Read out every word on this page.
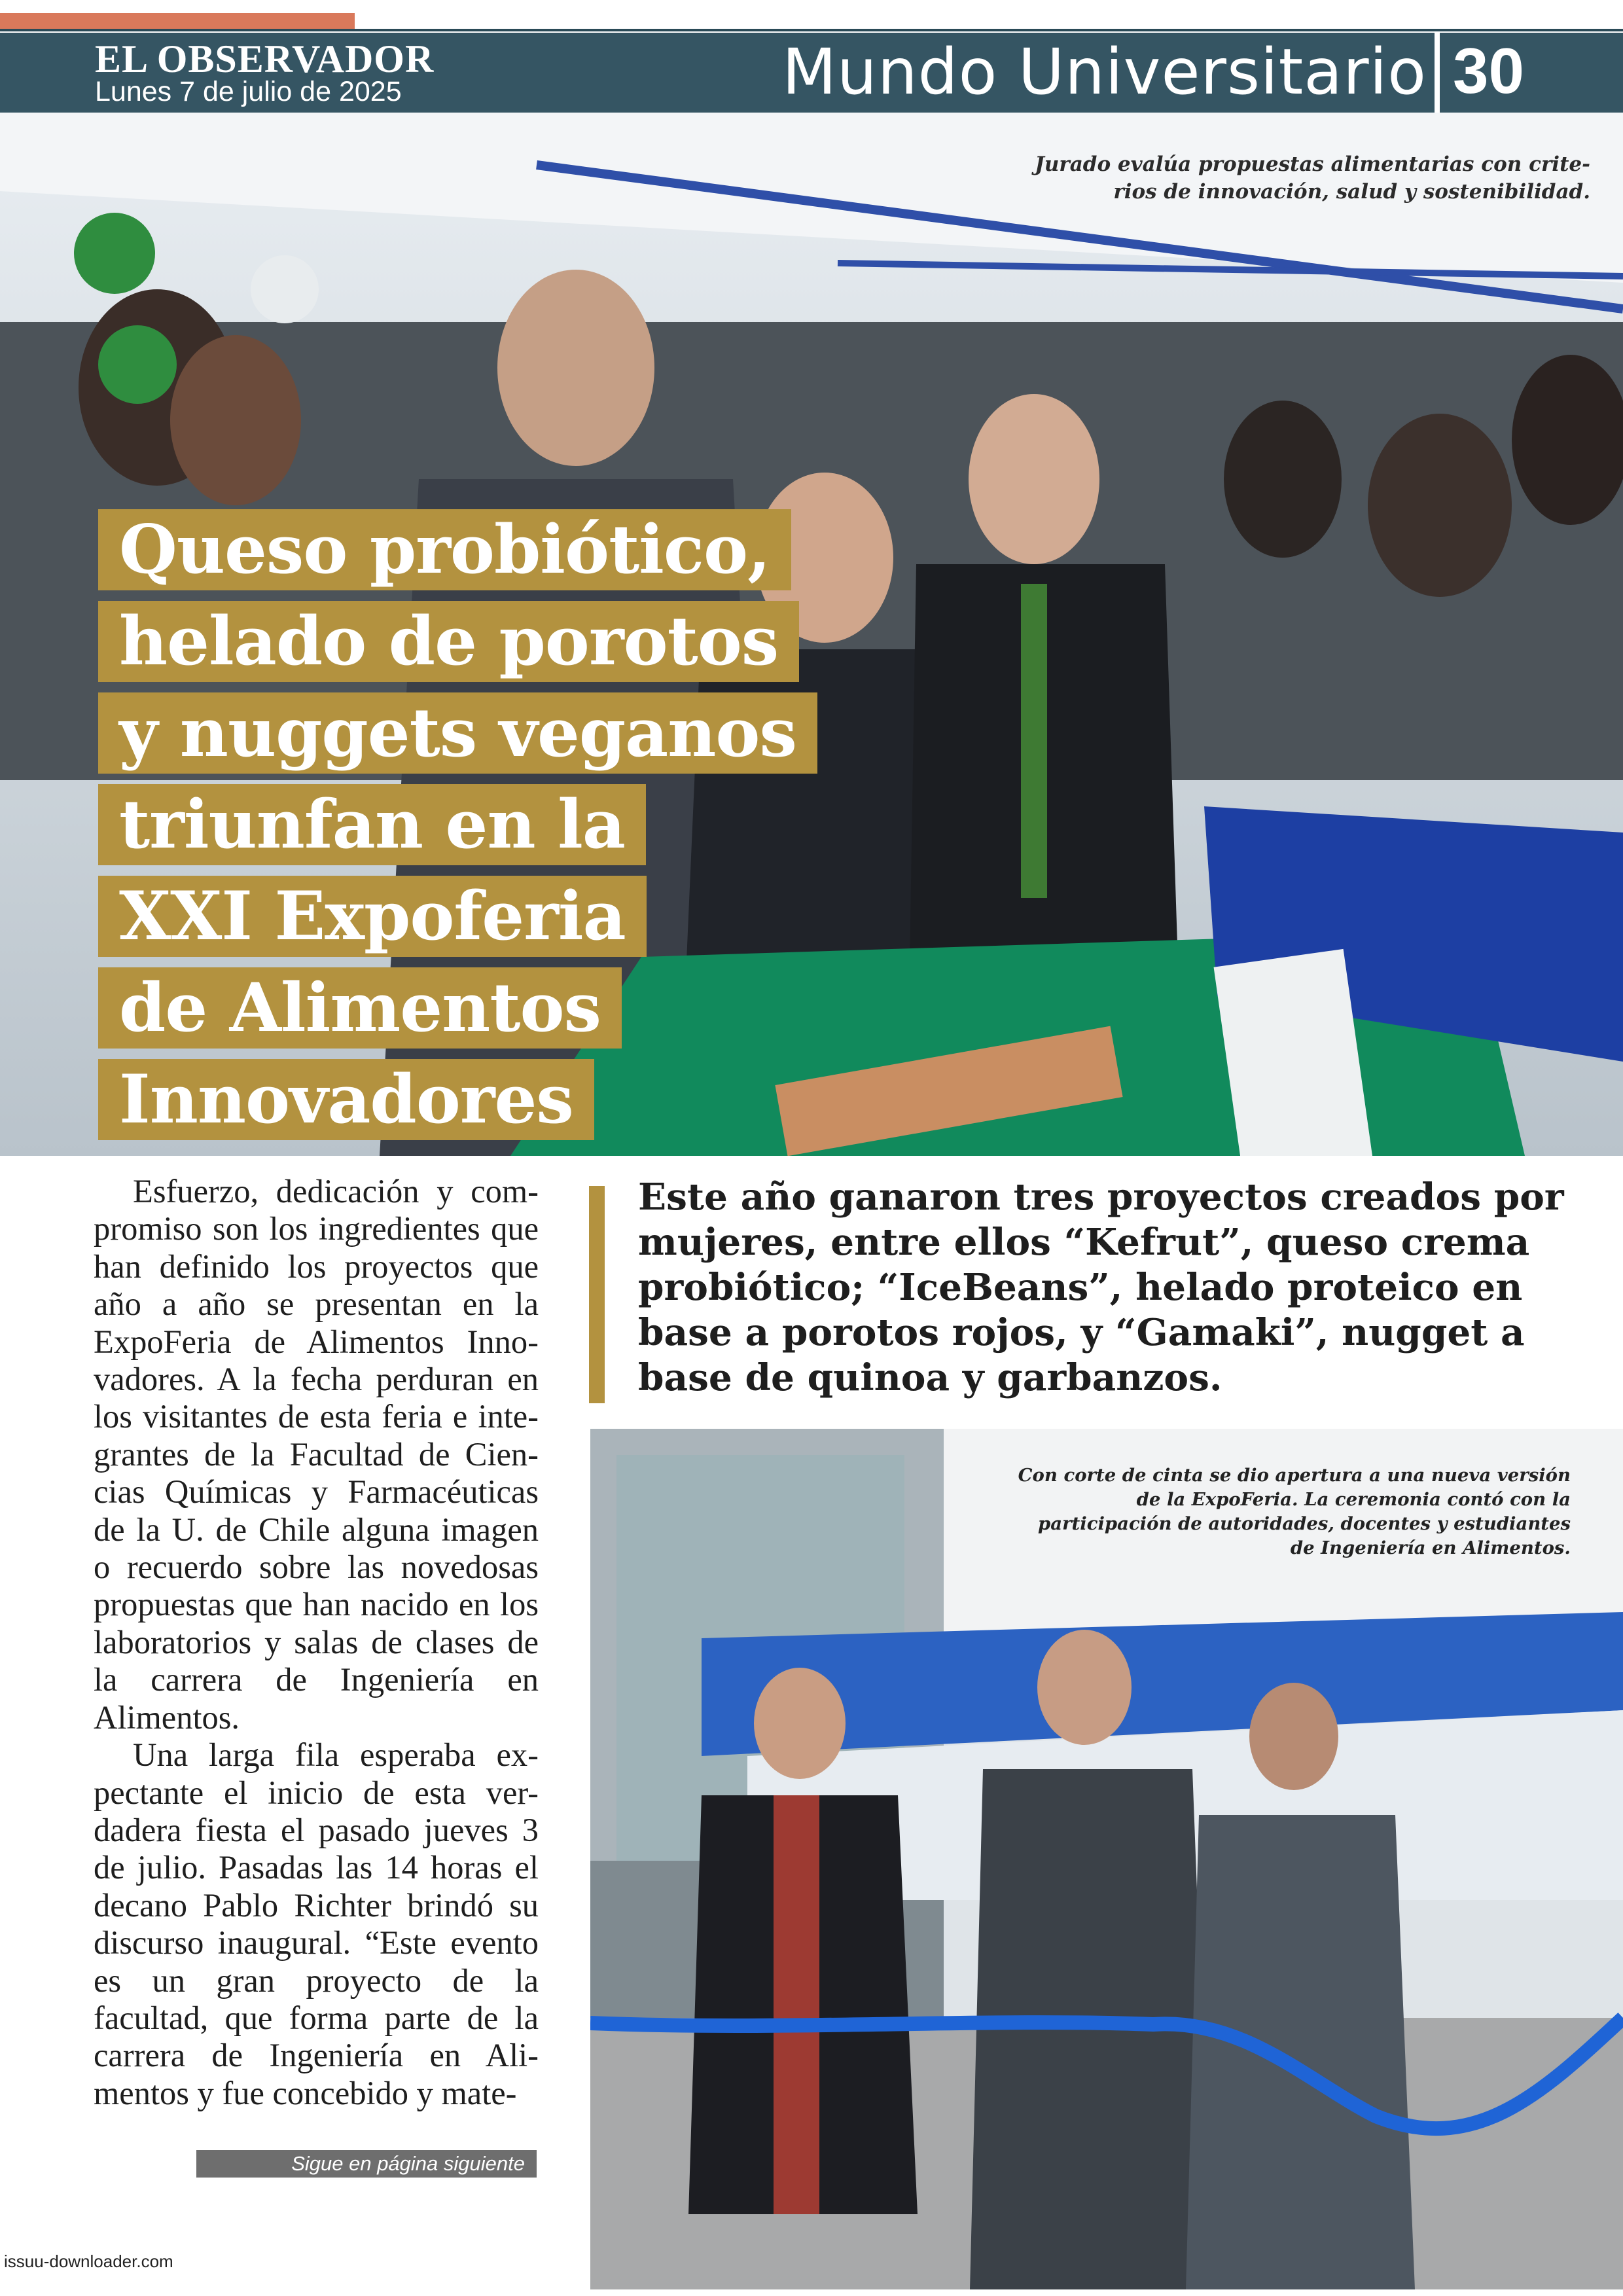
EL OBSERVADOR
Lunes 7 de julio de 2025	Mundo Universitario 30
Jurado evalúa propuestas alimentarias con crite-rios de innovación, salud y sostenibilidad.
Queso probiótico,
helado de porotos
y nuggets veganos
triunfan en la
XXI Expoferia
de Alimentos
Innovadores

Esfuerzo, dedicación y com-promiso son los ingredientes que han definido los proyectos que año a año se presentan en la ExpoFeria de Alimentos Inno-vadores. A la fecha perduran en los visitantes de esta feria e inte-grantes de la Facultad de Cien-cias Químicas y Farmacéuticas de la U. de Chile alguna imagen o recuerdo sobre las novedosas propuestas que han nacido en los laboratorios y salas de clases de la carrera de Ingeniería en Alimentos.

Una larga fila esperaba ex-pectante el inicio de esta ver-dadera fiesta el pasado jueves 3 de julio. Pasadas las 14 horas el decano Pablo Richter brindó su discurso inaugural. “Este evento es un gran proyecto de la facultad, que forma parte de la carrera de Ingeniería en Ali-mentos y fue concebido y mate-

Sigue en página siguiente
Este año ganaron tres proyectos creados por mujeres, entre ellos “Kefrut”, queso crema probiótico; “IceBeans”, helado proteico en base a porotos rojos, y “Gamaki”, nugget a base de quinoa y garbanzos.
Con corte de cinta se dio apertura a una nueva versión de la ExpoFeria. La ceremonia contó con la participación de autoridades, docentes y estudiantes de Ingeniería en Alimentos.
issuu-downloader.com
